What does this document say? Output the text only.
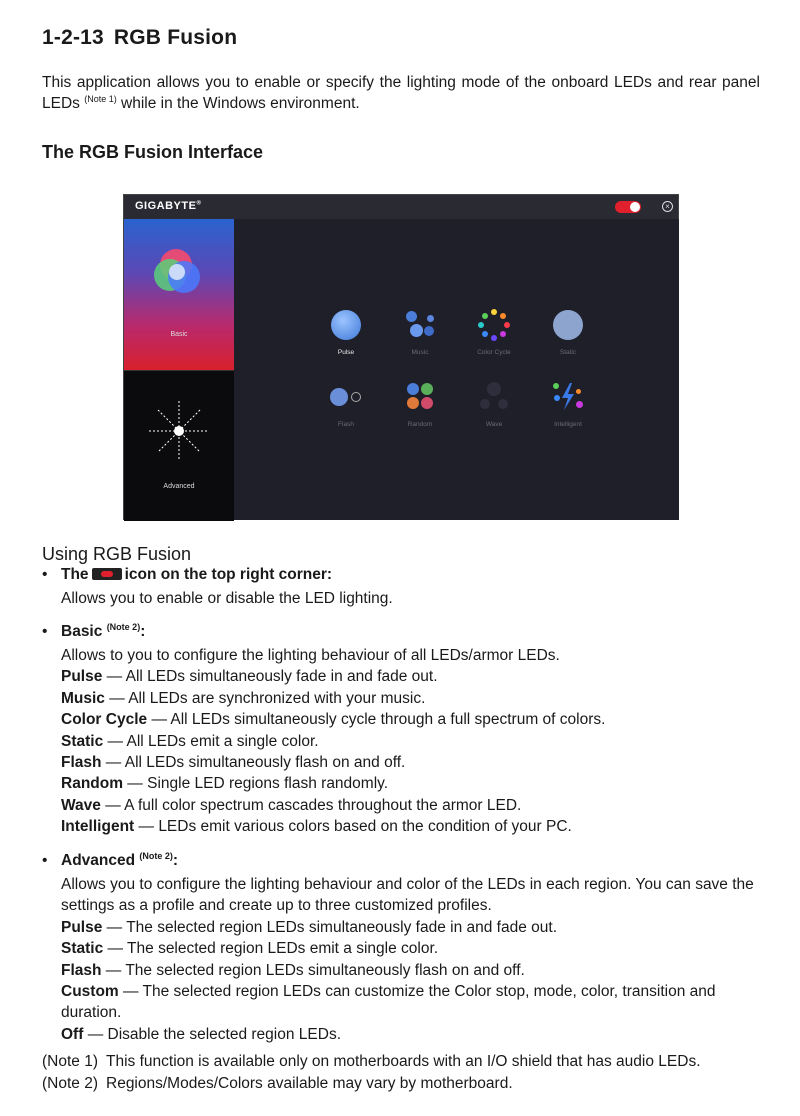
1-2-13 RGB Fusion

This application allows you to enable or specify the lighting mode of the onboard LEDs and rear panel LEDs $^{(Note 1)}$ while in the Windows environment.

The RGB Fusion Interface
GIGABYTE®	×
Basic
Advanced
Pulse	Music	Color Cycle	Static
Flash	Random	Wave	Intelligent
Using RGB Fusion
• The icon on the top right corner:
Allows you to enable or disable the LED lighting.
• Basic $^{(Note 2)}$:

Allows to you to configure the lighting behaviour of all LEDs/armor LEDs.

Pulse — All LEDs simultaneously fade in and fade out.

Music — All LEDs are synchronized with your music.

Color Cycle — All LEDs simultaneously cycle through a full spectrum of colors.

Static — All LEDs emit a single color.

Flash — All LEDs simultaneously flash on and off.

Random — Single LED regions flash randomly.

Wave — A full color spectrum cascades throughout the armor LED.

Intelligent — LEDs emit various colors based on the condition of your PC.

• Advanced $^{(Note 2)}$:

Allows you to configure the lighting behaviour and color of the LEDs in each region. You can save the settings as a profile and create up to three customized profiles.

Pulse — The selected region LEDs simultaneously fade in and fade out.

Static — The selected region LEDs emit a single color.

Flash — The selected region LEDs simultaneously flash on and off.

Custom — The selected region LEDs can customize the Color stop, mode, color, transition and duration.

Off — Disable the selected region LEDs.

(Note 1) This function is available only on motherboards with an I/O shield that has audio LEDs.
(Note 2) Regions/Modes/Colors available may vary by motherboard.
